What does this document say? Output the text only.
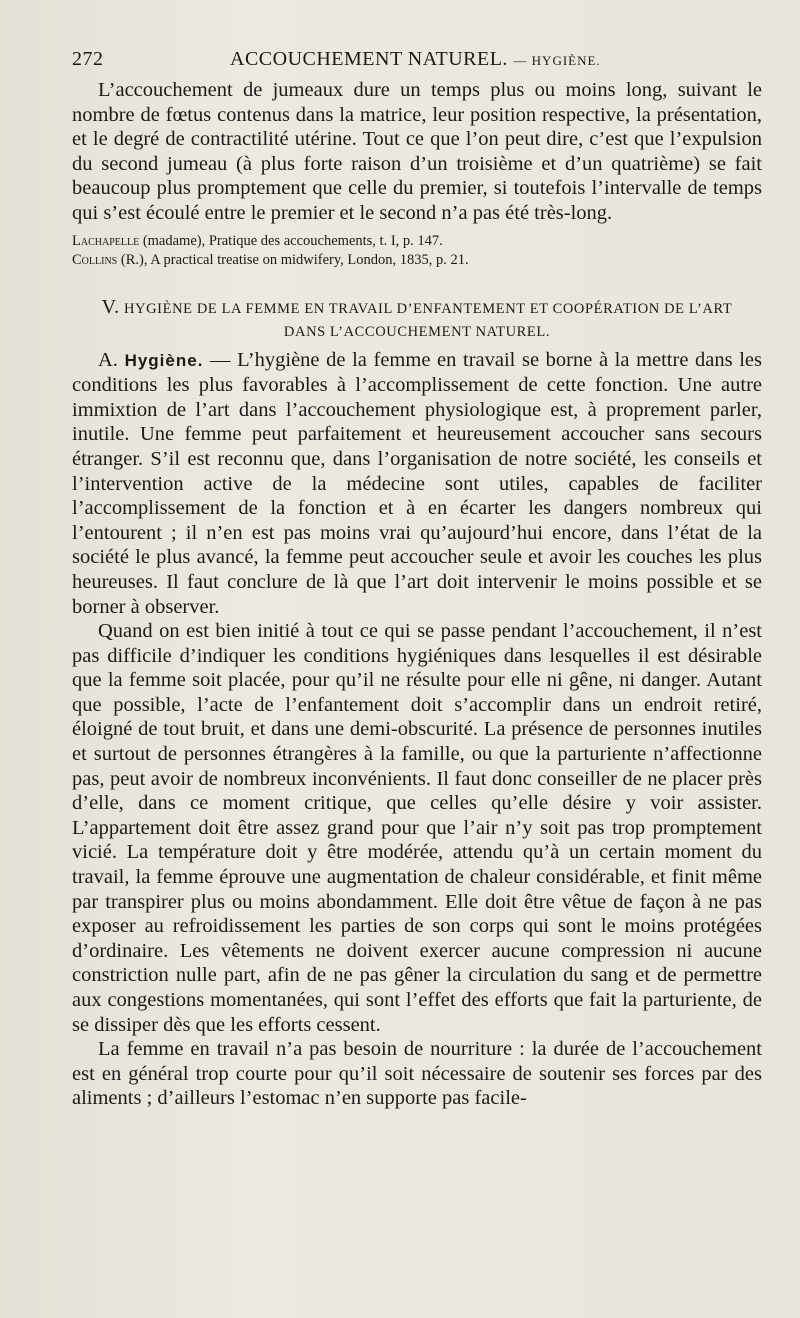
272	ACCOUCHEMENT NATUREL. — HYGIÈNE.

L’accouchement de jumeaux dure un temps plus ou moins long, suivant le nombre de fœtus contenus dans la matrice, leur position respective, la présentation, et le degré de contractilité utérine. Tout ce que l’on peut dire, c’est que l’expulsion du second jumeau (à plus forte raison d’un troisième et d’un quatrième) se fait beaucoup plus promptement que celle du premier, si toutefois l’intervalle de temps qui s’est écoulé entre le premier et le second n’a pas été très-long.

Lachapelle (madame), Pratique des accouchements, t. I, p. 147.
Collins (R.), A practical treatise on midwifery, London, 1835, p. 21.
V. HYGIÈNE DE LA FEMME EN TRAVAIL D’ENFANTEMENT ET COOPÉRATION DE L’ART
DANS L’ACCOUCHEMENT NATUREL.

A. Hygiène. — L’hygiène de la femme en travail se borne à la mettre dans les conditions les plus favorables à l’accomplissement de cette fonction. Une autre immixtion de l’art dans l’accouchement physiologique est, à proprement parler, inutile. Une femme peut parfaitement et heureusement accoucher sans secours étranger. S’il est reconnu que, dans l’organisation de notre société, les conseils et l’intervention active de la médecine sont utiles, capables de faciliter l’accomplissement de la fonction et à en écarter les dangers nombreux qui l’entourent ; il n’en est pas moins vrai qu’aujourd’hui encore, dans l’état de la société le plus avancé, la femme peut accoucher seule et avoir les couches les plus heureuses. Il faut conclure de là que l’art doit intervenir le moins possible et se borner à observer.

Quand on est bien initié à tout ce qui se passe pendant l’accouchement, il n’est pas difficile d’indiquer les conditions hygiéniques dans lesquelles il est désirable que la femme soit placée, pour qu’il ne résulte pour elle ni gêne, ni danger. Autant que possible, l’acte de l’enfantement doit s’accomplir dans un endroit retiré, éloigné de tout bruit, et dans une demi-obscurité. La présence de personnes inutiles et surtout de personnes étrangères à la famille, ou que la parturiente n’affectionne pas, peut avoir de nombreux inconvénients. Il faut donc conseiller de ne placer près d’elle, dans ce moment critique, que celles qu’elle désire y voir assister. L’appartement doit être assez grand pour que l’air n’y soit pas trop promptement vicié. La température doit y être modérée, attendu qu’à un certain moment du travail, la femme éprouve une augmentation de chaleur considérable, et finit même par transpirer plus ou moins abondamment. Elle doit être vêtue de façon à ne pas exposer au refroidissement les parties de son corps qui sont le moins protégées d’ordinaire. Les vêtements ne doivent exercer aucune compression ni aucune constriction nulle part, afin de ne pas gêner la circulation du sang et de permettre aux congestions momentanées, qui sont l’effet des efforts que fait la parturiente, de se dissiper dès que les efforts cessent.

La femme en travail n’a pas besoin de nourriture : la durée de l’accouchement est en général trop courte pour qu’il soit nécessaire de soutenir ses forces par des aliments ; d’ailleurs l’estomac n’en supporte pas facile-
